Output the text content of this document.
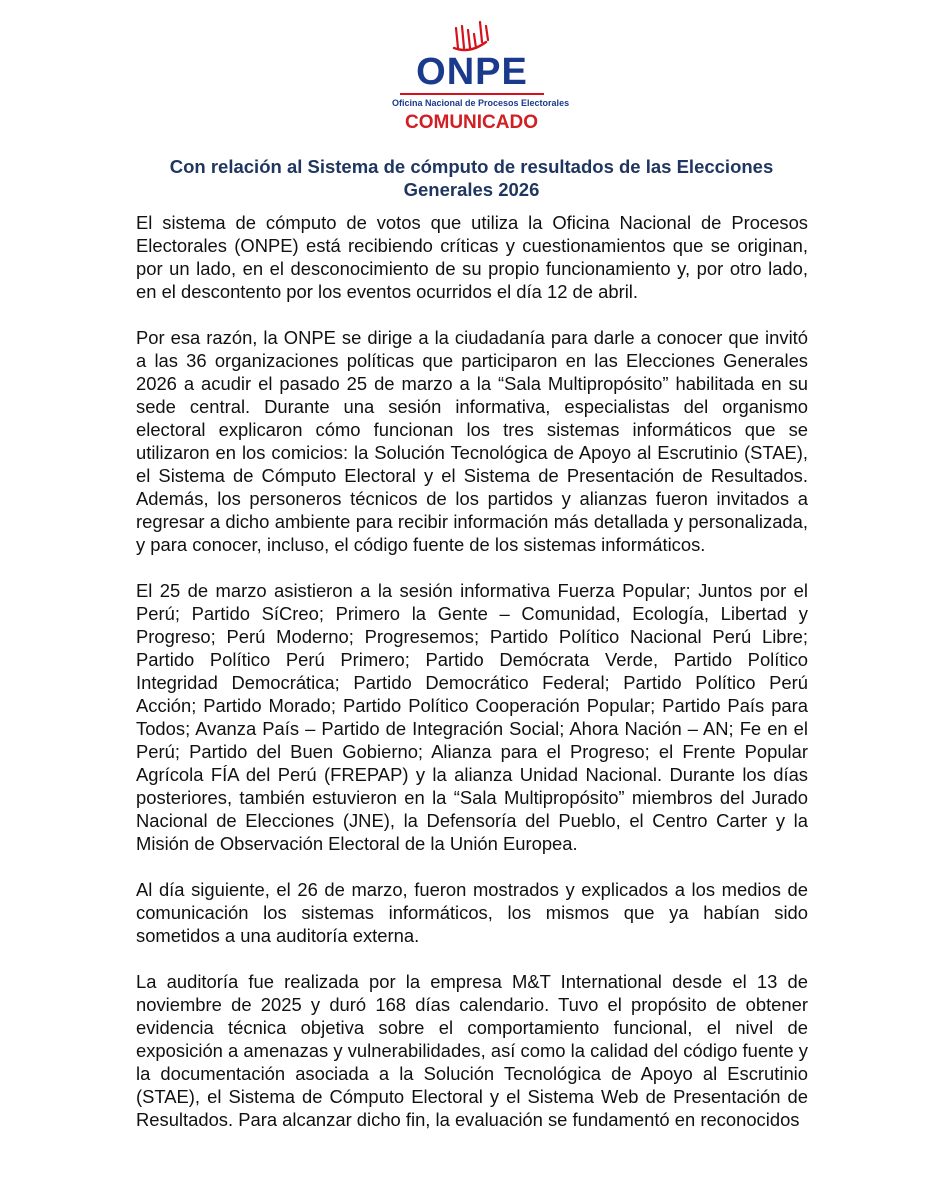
ONPE
Oficina Nacional de Procesos Electorales
COMUNICADO
Con relación al Sistema de cómputo de resultados de las Elecciones Generales 2026

El sistema de cómputo de votos que utiliza la Oficina Nacional de Procesos Electorales (ONPE) está recibiendo críticas y cuestionamientos que se originan, por un lado, en el desconocimiento de su propio funcionamiento y, por otro lado, en el descontento por los eventos ocurridos el día 12 de abril.

Por esa razón, la ONPE se dirige a la ciudadanía para darle a conocer que invitó a las 36 organizaciones políticas que participaron en las Elecciones Generales 2026 a acudir el pasado 25 de marzo a la “Sala Multipropósito” habilitada en su sede central. Durante una sesión informativa, especialistas del organismo electoral explicaron cómo funcionan los tres sistemas informáticos que se utilizaron en los comicios: la Solución Tecnológica de Apoyo al Escrutinio (STAE), el Sistema de Cómputo Electoral y el Sistema de Presentación de Resultados. Además, los personeros técnicos de los partidos y alianzas fueron invitados a regresar a dicho ambiente para recibir información más detallada y personalizada, y para conocer, incluso, el código fuente de los sistemas informáticos.

El 25 de marzo asistieron a la sesión informativa Fuerza Popular; Juntos por el Perú; Partido SíCreo; Primero la Gente – Comunidad, Ecología, Libertad y Progreso; Perú Moderno; Progresemos; Partido Político Nacional Perú Libre; Partido Político Perú Primero; Partido Demócrata Verde, Partido Político Integridad Democrática; Partido Democrático Federal; Partido Político Perú Acción; Partido Morado; Partido Político Cooperación Popular; Partido País para Todos; Avanza País – Partido de Integración Social; Ahora Nación – AN; Fe en el Perú; Partido del Buen Gobierno; Alianza para el Progreso; el Frente Popular Agrícola FÍA del Perú (FREPAP) y la alianza Unidad Nacional. Durante los días posteriores, también estuvieron en la “Sala Multipropósito” miembros del Jurado Nacional de Elecciones (JNE), la Defensoría del Pueblo, el Centro Carter y la Misión de Observación Electoral de la Unión Europea.

Al día siguiente, el 26 de marzo, fueron mostrados y explicados a los medios de comunicación los sistemas informáticos, los mismos que ya habían sido sometidos a una auditoría externa.

La auditoría fue realizada por la empresa M&T International desde el 13 de noviembre de 2025 y duró 168 días calendario. Tuvo el propósito de obtener evidencia técnica objetiva sobre el comportamiento funcional, el nivel de exposición a amenazas y vulnerabilidades, así como la calidad del código fuente y la documentación asociada a la Solución Tecnológica de Apoyo al Escrutinio (STAE), el Sistema de Cómputo Electoral y el Sistema Web de Presentación de Resultados. Para alcanzar dicho fin, la evaluación se fundamentó en reconocidos
